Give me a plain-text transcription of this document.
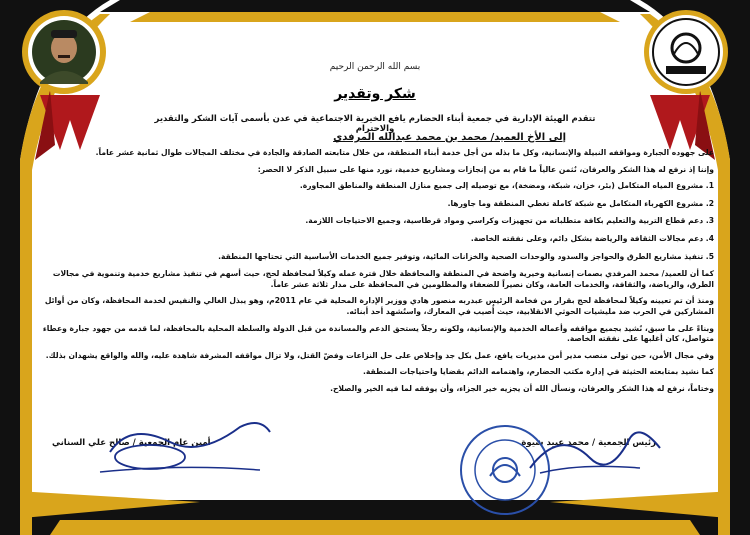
بسم الله الرحمن الرحيم
شكر وتقدير
تتقدم الهيئة الإدارية في جمعية أبناء الحضارم يافع الخيرية الاجتماعية في عدن بأسمى آيات الشكر والتقدير والاحترام
إلى الأخ العميد/ محمد بن محمد عبدالله المرفدي

على جهوده الجبارة ومواقفه النبيلة والإنسانية، وكل ما بذله من أجل خدمة أبناء المنطقة، من خلال متابعته الصادقة والجادة في مختلف المجالات طوال ثمانية عشر عاماً.

وإننا إذ نرفع له هذا الشكر والعرفان، نُثمن عالياً ما قام به من إنجازات ومشاريع خدمية، نورد منها على سبيل الذكر لا الحصر:

1. مشروع المياه المتكامل (بئر، خزان، شبكة، ومضخة)، مع توصيله إلى جميع منازل المنطقة والمناطق المجاورة.
2. مشروع الكهرباء المتكامل مع شبكة كاملة تغطي المنطقة وما جاورها.
3. دعم قطاع التربية والتعليم بكافة متطلباته من تجهيزات وكراسي ومواد قرطاسية، وجميع الاحتياجات اللازمة.
4. دعم مجالات الثقافة والرياضة بشكل دائم، وعلى نفقته الخاصة.
5. تنفيذ مشاريع الطرق والحواجز والسدود والوحدات الصحية والخزانات المائية، وتوفير جميع الخدمات الأساسية التي تحتاجها المنطقة.

كما أن للعميد/ محمد المرفدي بصمات إنسانية وخيرية واضحة في المنطقة والمحافظة خلال فترة عمله وكيلاً لمحافظة لحج، حيث أسهم في تنفيذ مشاريع خدمية وتنموية في مجالات الطرق، والرياضة، والثقافة، والخدمات العامة، وكان نصيراً للضعفاء والمظلومين في المحافظة على مدار ثلاثة عشر عاماً.

ومنذ أن تم تعيينه وكيلاً لمحافظة لحج بقرار من فخامة الرئيس عبدربه منصور هادي ووزير الإدارة المحلية في عام 2011م، وهو يبذل الغالي والنفيس لخدمة المحافظة، وكان من أوائل المشاركين في الحرب ضد مليشيات الحوثي الانقلابية، حيث أُصيب في المعارك، واستُشهد أحد أبنائه.

وبناءً على ما سبق، نُشيد بجميع مواقفه وأعماله الخدمية والإنسانية، ولكونه رجلاً يستحق الدعم والمساندة من قبل الدولة والسلطة المحلية بالمحافظة، لما قدمه من جهود جبارة وعطاء متواصل، كان أغلبها على نفقته الخاصة.

وفي مجال الأمن، حين تولى منصب مدير أمن مديريات يافع، عمل بكل جد وإخلاص على حل النزاعات وفضّ القتل، ولا تزال مواقفه المشرفة شاهدة عليه، والله والواقع يشهدان بذلك.

كما نشيد بمتابعته الحثيثة في إدارة مكتب الحضارم، واهتمامه الدائم بقضايا واحتياجات المنطقة.

وختاماً، نرفع له هذا الشكر والعرفان، ونسأل الله أن يجزيه خير الجزاء، وأن يوفقه لما فيه الخير والصلاح.

رئيس الجمعية / محمد عبيد شيوة
أمين عام الجمعية / صالح علي السناني
